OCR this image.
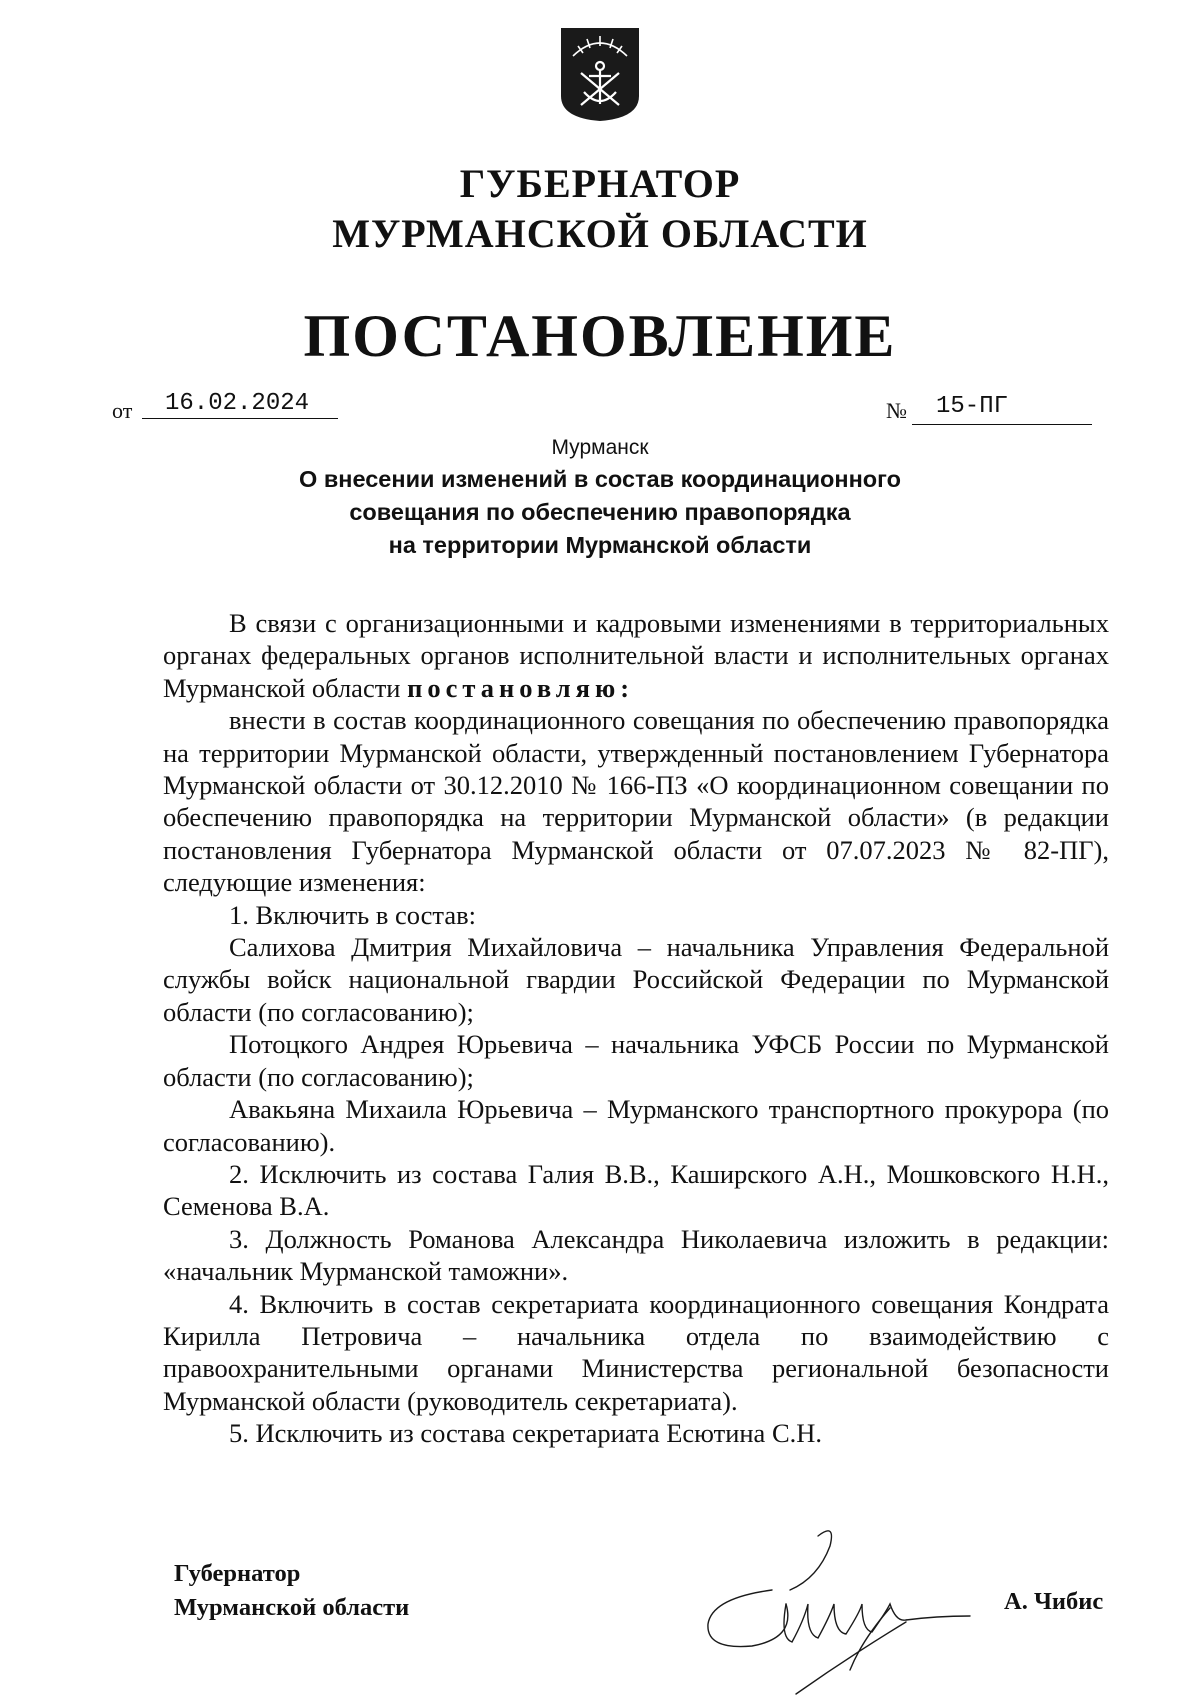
ГУБЕРНАТОР
МУРМАНСКОЙ ОБЛАСТИ
ПОСТАНОВЛЕНИЕ
от 16.02.2024	№ 15-ПГ
Мурманск
О внесении изменений в состав координационного
совещания по обеспечению правопорядка
на территории Мурманской области

В связи с организационными и кадровыми изменениями в территориальных органах федеральных органов исполнительной власти и исполнительных органах Мурманской области постановляю:

внести в состав координационного совещания по обеспечению правопорядка на территории Мурманской области, утвержденный постановлением Губернатора Мурманской области от 30.12.2010 № 166-ПЗ «О координационном совещании по обеспечению правопорядка на территории Мурманской области» (в редакции постановления Губернатора Мурманской области от 07.07.2023 № 82-ПГ), следующие изменения:

1. Включить в состав:

Салихова Дмитрия Михайловича – начальника Управления Федеральной службы войск национальной гвардии Российской Федерации по Мурманской области (по согласованию);

Потоцкого Андрея Юрьевича – начальника УФСБ России по Мурманской области (по согласованию);

Авакьяна Михаила Юрьевича – Мурманского транспортного прокурора (по согласованию).

2. Исключить из состава Галия В.В., Каширского А.Н., Мошковского Н.Н., Семенова В.А.

3. Должность Романова Александра Николаевича изложить в редакции: «начальник Мурманской таможни».

4. Включить в состав секретариата координационного совещания Кондрата Кирилла Петровича – начальника отдела по взаимодействию с правоохранительными органами Министерства региональной безопасности Мурманской области (руководитель секретариата).

5. Исключить из состава секретариата Есютина С.Н.

Губернатор
Мурманской области	А. Чибис
